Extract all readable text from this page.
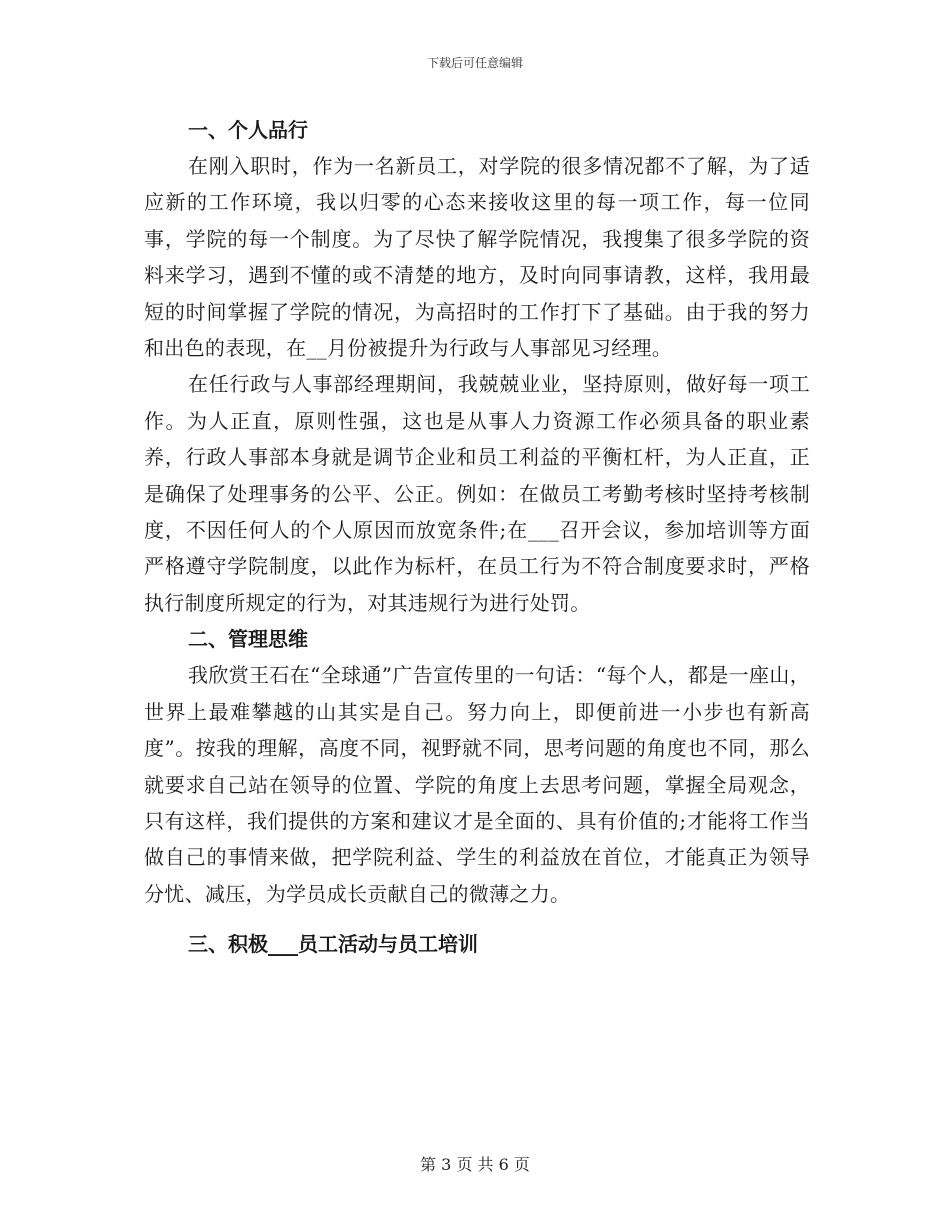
下载后可任意编辑
一、个人品行

在刚入职时，作为一名新员工，对学院的很多情况都不了解，为了适应新的工作环境，我以归零的心态来接收这里的每一项工作，每一位同事，学院的每一个制度。为了尽快了解学院情况，我搜集了很多学院的资料来学习，遇到不懂的或不清楚的地方，及时向同事请教，这样，我用最短的时间掌握了学院的情况，为高招时的工作打下了基础。由于我的努力和出色的表现，在__月份被提升为行政与人事部见习经理。

在任行政与人事部经理期间，我兢兢业业，坚持原则，做好每一项工作。为人正直，原则性强，这也是从事人力资源工作必须具备的职业素养，行政人事部本身就是调节企业和员工利益的平衡杠杆，为人正直，正是确保了处理事务的公平、公正。例如：在做员工考勤考核时坚持考核制度，不因任何人的个人原因而放宽条件;在___召开会议，参加培训等方面严格遵守学院制度，以此作为标杆，在员工行为不符合制度要求时，严格执行制度所规定的行为，对其违规行为进行处罚。

二、管理思维

我欣赏王石在“全球通”广告宣传里的一句话：“每个人，都是一座山，世界上最难攀越的山其实是自己。努力向上，即便前进一小步也有新高度”。按我的理解，高度不同，视野就不同，思考问题的角度也不同，那么就要求自己站在领导的位置、学院的角度上去思考问题，掌握全局观念，只有这样，我们提供的方案和建议才是全面的、具有价值的;才能将工作当做自己的事情来做，把学院利益、学生的利益放在首位，才能真正为领导分忧、减压，为学员成长贡献自己的微薄之力。

三、积极___员工活动与员工培训
第 3 页 共 6 页
